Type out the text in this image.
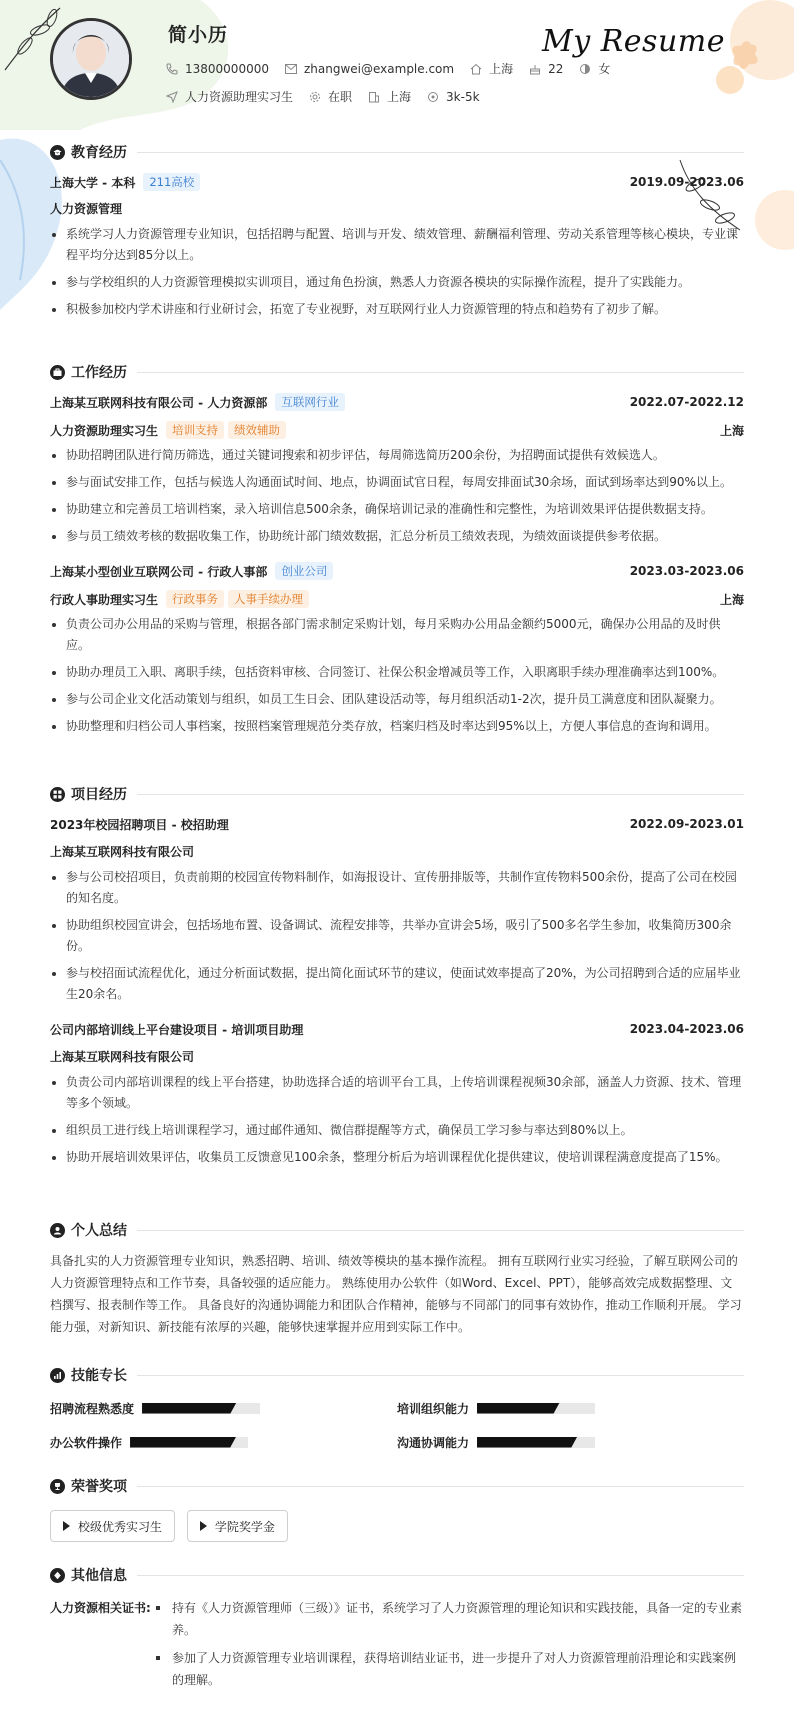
简小历	My Resume
13800000000	zhangwei@example.com	上海	22	女
人力资源助理实习生	在职	上海	3k-5k
教育经历
上海大学 - 本科	211高校	2019.09-2023.06
人力资源管理
系统学习人力资源管理专业知识，包括招聘与配置、培训与开发、绩效管理、薪酬福利管理、劳动关系管理等核心模块，专业课程平均分达到85分以上。
参与学校组织的人力资源管理模拟实训项目，通过角色扮演，熟悉人力资源各模块的实际操作流程，提升了实践能力。
积极参加校内学术讲座和行业研讨会，拓宽了专业视野，对互联网行业人力资源管理的特点和趋势有了初步了解。
工作经历
上海某互联网科技有限公司 - 人力资源部	互联网行业	2022.07-2022.12
人力资源助理实习生	培训支持	绩效辅助	上海
协助招聘团队进行简历筛选，通过关键词搜索和初步评估，每周筛选简历200余份，为招聘面试提供有效候选人。
参与面试安排工作，包括与候选人沟通面试时间、地点，协调面试官日程，每周安排面试30余场，面试到场率达到90%以上。
协助建立和完善员工培训档案，录入培训信息500余条，确保培训记录的准确性和完整性，为培训效果评估提供数据支持。
参与员工绩效考核的数据收集工作，协助统计部门绩效数据，汇总分析员工绩效表现，为绩效面谈提供参考依据。
上海某小型创业互联网公司 - 行政人事部	创业公司	2023.03-2023.06
行政人事助理实习生	行政事务	人事手续办理	上海
负责公司办公用品的采购与管理，根据各部门需求制定采购计划，每月采购办公用品金额约5000元，确保办公用品的及时供应。
协助办理员工入职、离职手续，包括资料审核、合同签订、社保公积金增减员等工作，入职离职手续办理准确率达到100%。
参与公司企业文化活动策划与组织，如员工生日会、团队建设活动等，每月组织活动1-2次，提升员工满意度和团队凝聚力。
协助整理和归档公司人事档案，按照档案管理规范分类存放，档案归档及时率达到95%以上，方便人事信息的查询和调用。
项目经历
2023年校园招聘项目 - 校招助理	2022.09-2023.01
上海某互联网科技有限公司
参与公司校招项目，负责前期的校园宣传物料制作，如海报设计、宣传册排版等，共制作宣传物料500余份，提高了公司在校园的知名度。
协助组织校园宣讲会，包括场地布置、设备调试、流程安排等，共举办宣讲会5场，吸引了500多名学生参加，收集简历300余份。
参与校招面试流程优化，通过分析面试数据，提出简化面试环节的建议，使面试效率提高了20%，为公司招聘到合适的应届毕业生20余名。
公司内部培训线上平台建设项目 - 培训项目助理	2023.04-2023.06
上海某互联网科技有限公司
负责公司内部培训课程的线上平台搭建，协助选择合适的培训平台工具，上传培训课程视频30余部，涵盖人力资源、技术、管理等多个领域。
组织员工进行线上培训课程学习，通过邮件通知、微信群提醒等方式，确保员工学习参与率达到80%以上。
协助开展培训效果评估，收集员工反馈意见100余条，整理分析后为培训课程优化提供建议，使培训课程满意度提高了15%。
个人总结

具备扎实的人力资源管理专业知识，熟悉招聘、培训、绩效等模块的基本操作流程。 拥有互联网行业实习经验，了解互联网公司的人力资源管理特点和工作节奏，具备较强的适应能力。 熟练使用办公软件（如Word、Excel、PPT），能够高效完成数据整理、文档撰写、报表制作等工作。 具备良好的沟通协调能力和团队合作精神，能够与不同部门的同事有效协作，推动工作顺利开展。 学习能力强，对新知识、新技能有浓厚的兴趣，能够快速掌握并应用到实际工作中。

技能专长
招聘流程熟悉度	培训组织能力
办公软件操作	沟通协调能力
荣誉奖项
校级优秀实习生
	学院奖学金
其他信息
人力资源相关证书:	持有《人力资源管理师（三级）》证书，系统学习了人力资源管理的理论知识和实践技能，具备一定的专业素养。
参加了人力资源管理专业培训课程，获得培训结业证书，进一步提升了对人力资源管理前沿理论和实践案例的理解。
